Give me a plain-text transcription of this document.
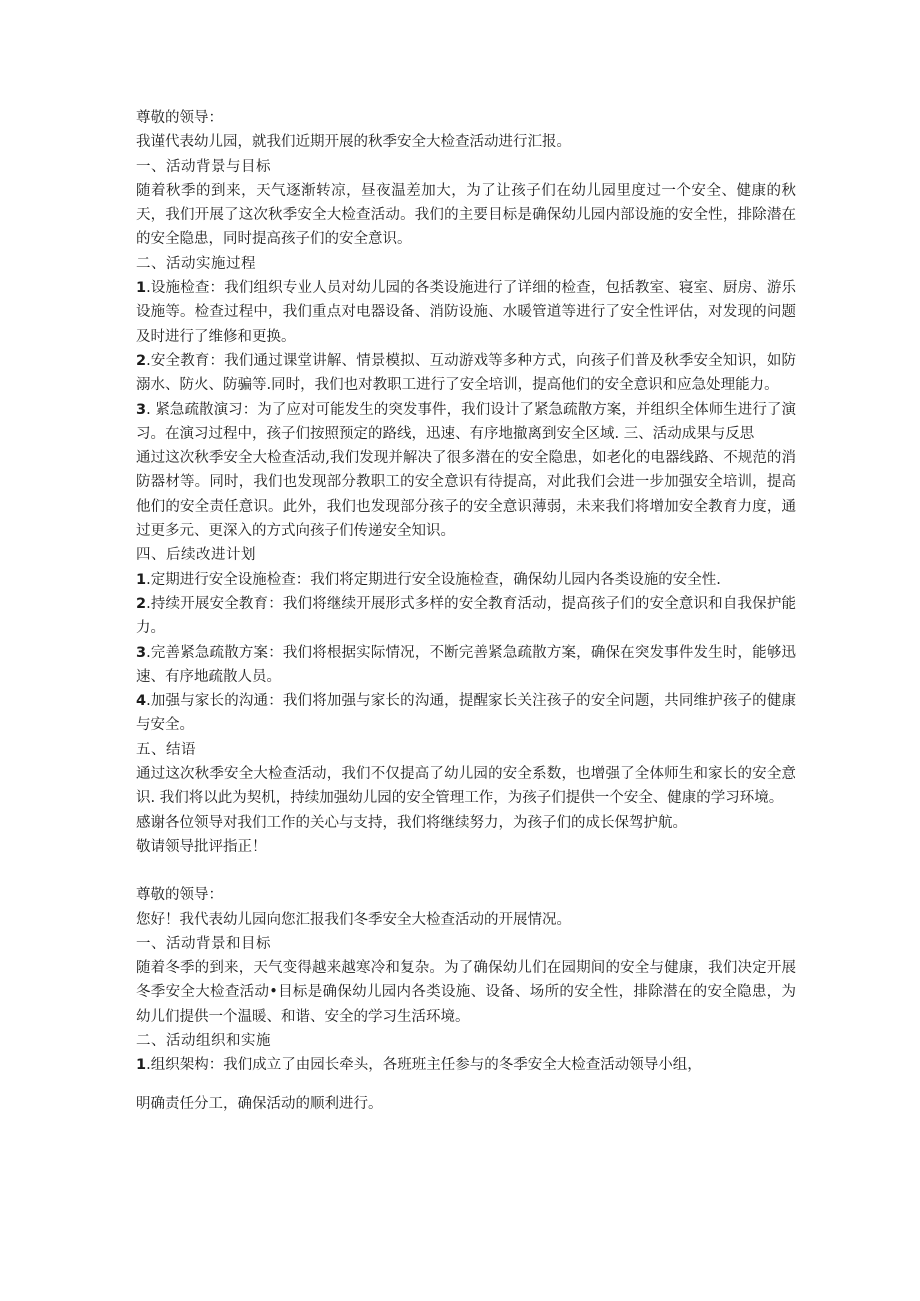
尊敬的领导：

我谨代表幼儿园，就我们近期开展的秋季安全大检查活动进行汇报。

一、活动背景与目标

随着秋季的到来，天气逐渐转凉，昼夜温差加大，为了让孩子们在幼儿园里度过一个安全、健康的秋天，我们开展了这次秋季安全大检查活动。我们的主要目标是确保幼儿园内部设施的安全性，排除潜在的安全隐患，同时提高孩子们的安全意识。

二、活动实施过程

1.设施检查：我们组织专业人员对幼儿园的各类设施进行了详细的检查，包括教室、寝室、厨房、游乐设施等。检查过程中，我们重点对电器设备、消防设施、水暖管道等进行了安全性评估，对发现的问题及时进行了维修和更换。

2.安全教育：我们通过课堂讲解、情景模拟、互动游戏等多种方式，向孩子们普及秋季安全知识，如防溺水、防火、防骗等.同时，我们也对教职工进行了安全培训，提高他们的安全意识和应急处理能力。

3. 紧急疏散演习：为了应对可能发生的突发事件，我们设计了紧急疏散方案，并组织全体师生进行了演习。在演习过程中，孩子们按照预定的路线，迅速、有序地撤离到安全区域. 三、活动成果与反思

通过这次秋季安全大检查活动,我们发现并解决了很多潜在的安全隐患，如老化的电器线路、不规范的消防器材等。同时，我们也发现部分教职工的安全意识有待提高，对此我们会进一步加强安全培训，提高他们的安全责任意识。此外，我们也发现部分孩子的安全意识薄弱，未来我们将增加安全教育力度，通过更多元、更深入的方式向孩子们传递安全知识。

四、后续改进计划

1.定期进行安全设施检查：我们将定期进行安全设施检查，确保幼儿园内各类设施的安全性.

2.持续开展安全教育：我们将继续开展形式多样的安全教育活动，提高孩子们的安全意识和自我保护能力。

3.完善紧急疏散方案：我们将根据实际情况，不断完善紧急疏散方案，确保在突发事件发生时，能够迅速、有序地疏散人员。

4.加强与家长的沟通：我们将加强与家长的沟通，提醒家长关注孩子的安全问题，共同维护孩子的健康与安全。

五、结语

通过这次秋季安全大检查活动，我们不仅提高了幼儿园的安全系数，也增强了全体师生和家长的安全意识. 我们将以此为契机，持续加强幼儿园的安全管理工作，为孩子们提供一个安全、健康的学习环境。

感谢各位领导对我们工作的关心与支持，我们将继续努力，为孩子们的成长保驾护航。

敬请领导批评指正！

尊敬的领导：

您好！我代表幼儿园向您汇报我们冬季安全大检查活动的开展情况。

一、活动背景和目标

随着冬季的到来，天气变得越来越寒冷和复杂。为了确保幼儿们在园期间的安全与健康，我们决定开展冬季安全大检查活动•目标是确保幼儿园内各类设施、设备、场所的安全性，排除潜在的安全隐患，为幼儿们提供一个温暖、和谐、安全的学习生活环境。

二、活动组织和实施

1.组织架构：我们成立了由园长牵头，各班班主任参与的冬季安全大检查活动领导小组，

明确责任分工，确保活动的顺利进行。
